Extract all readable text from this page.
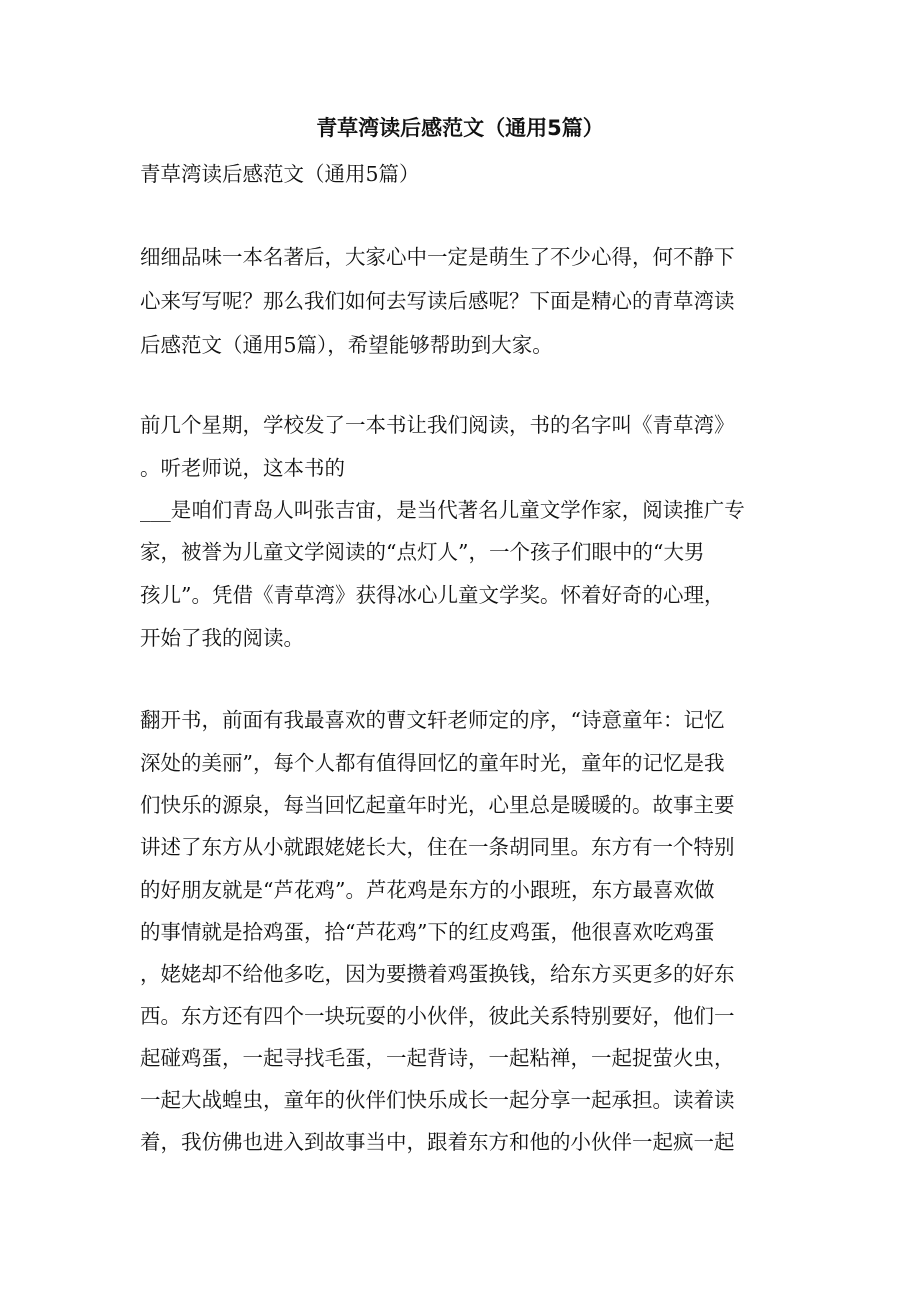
青草湾读后感范文（通用5篇）
青草湾读后感范文（通用5篇）
细细品味一本名著后，大家心中一定是萌生了不少心得，何不静下
心来写写呢？那么我们如何去写读后感呢？下面是精心的青草湾读
后感范文（通用5篇），希望能够帮助到大家。
前几个星期，学校发了一本书让我们阅读，书的名字叫《青草湾》
。听老师说，这本书的
___是咱们青岛人叫张吉宙，是当代著名儿童文学作家，阅读推广专
家，被誉为儿童文学阅读的“点灯人”，一个孩子们眼中的“大男
孩儿”。凭借《青草湾》获得冰心儿童文学奖。怀着好奇的心理，
开始了我的阅读。
翻开书，前面有我最喜欢的曹文轩老师定的序，“诗意童年：记忆
深处的美丽”，每个人都有值得回忆的童年时光，童年的记忆是我
们快乐的源泉，每当回忆起童年时光，心里总是暖暖的。故事主要
讲述了东方从小就跟姥姥长大，住在一条胡同里。东方有一个特别
的好朋友就是“芦花鸡”。芦花鸡是东方的小跟班，东方最喜欢做
的事情就是拾鸡蛋，拾“芦花鸡”下的红皮鸡蛋，他很喜欢吃鸡蛋
，姥姥却不给他多吃，因为要攒着鸡蛋换钱，给东方买更多的好东
西。东方还有四个一块玩耍的小伙伴，彼此关系特别要好，他们一
起碰鸡蛋，一起寻找毛蛋，一起背诗，一起粘禅，一起捉萤火虫，
一起大战蝗虫，童年的伙伴们快乐成长一起分享一起承担。读着读
着，我仿佛也进入到故事当中，跟着东方和他的小伙伴一起疯一起
